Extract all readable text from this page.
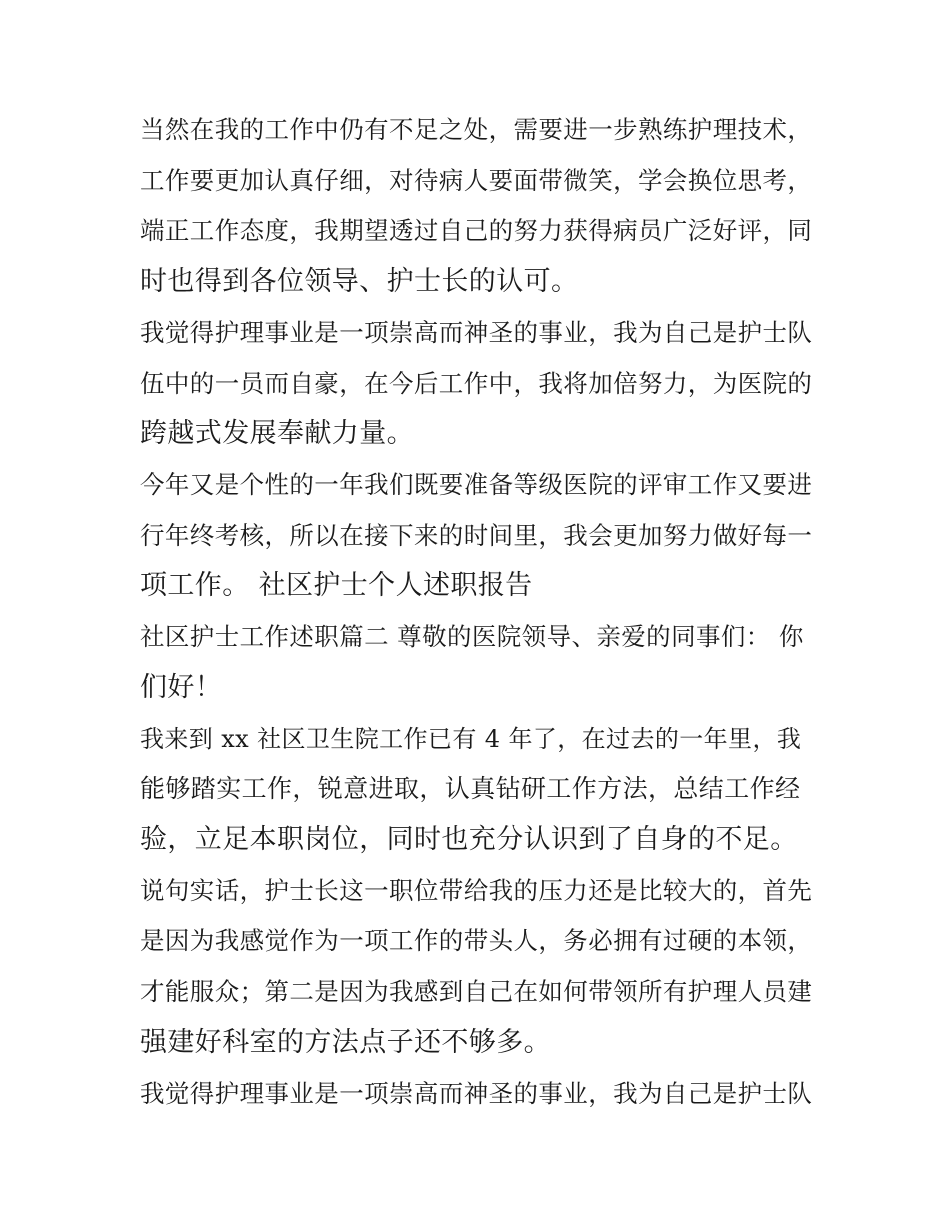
当然在我的工作中仍有不足之处，需要进一步熟练护理技术，
工作要更加认真仔细，对待病人要面带微笑，学会换位思考，
端正工作态度，我期望透过自己的努力获得病员广泛好评，同
时也得到各位领导、护士长的认可。
我觉得护理事业是一项崇高而神圣的事业，我为自己是护士队
伍中的一员而自豪，在今后工作中，我将加倍努力，为医院的
跨越式发展奉献力量。
今年又是个性的一年我们既要准备等级医院的评审工作又要进
行年终考核，所以在接下来的时间里，我会更加努力做好每一
项工作。 社区护士个人述职报告
社区护士工作述职篇二 尊敬的医院领导、亲爱的同事们： 你
们好！
我来到 xx 社区卫生院工作已有 4 年了，在过去的一年里，我
能够踏实工作，锐意进取，认真钻研工作方法，总结工作经
验，立足本职岗位，同时也充分认识到了自身的不足。
说句实话，护士长这一职位带给我的压力还是比较大的，首先
是因为我感觉作为一项工作的带头人，务必拥有过硬的本领，
才能服众；第二是因为我感到自己在如何带领所有护理人员建
强建好科室的方法点子还不够多。
我觉得护理事业是一项崇高而神圣的事业，我为自己是护士队
